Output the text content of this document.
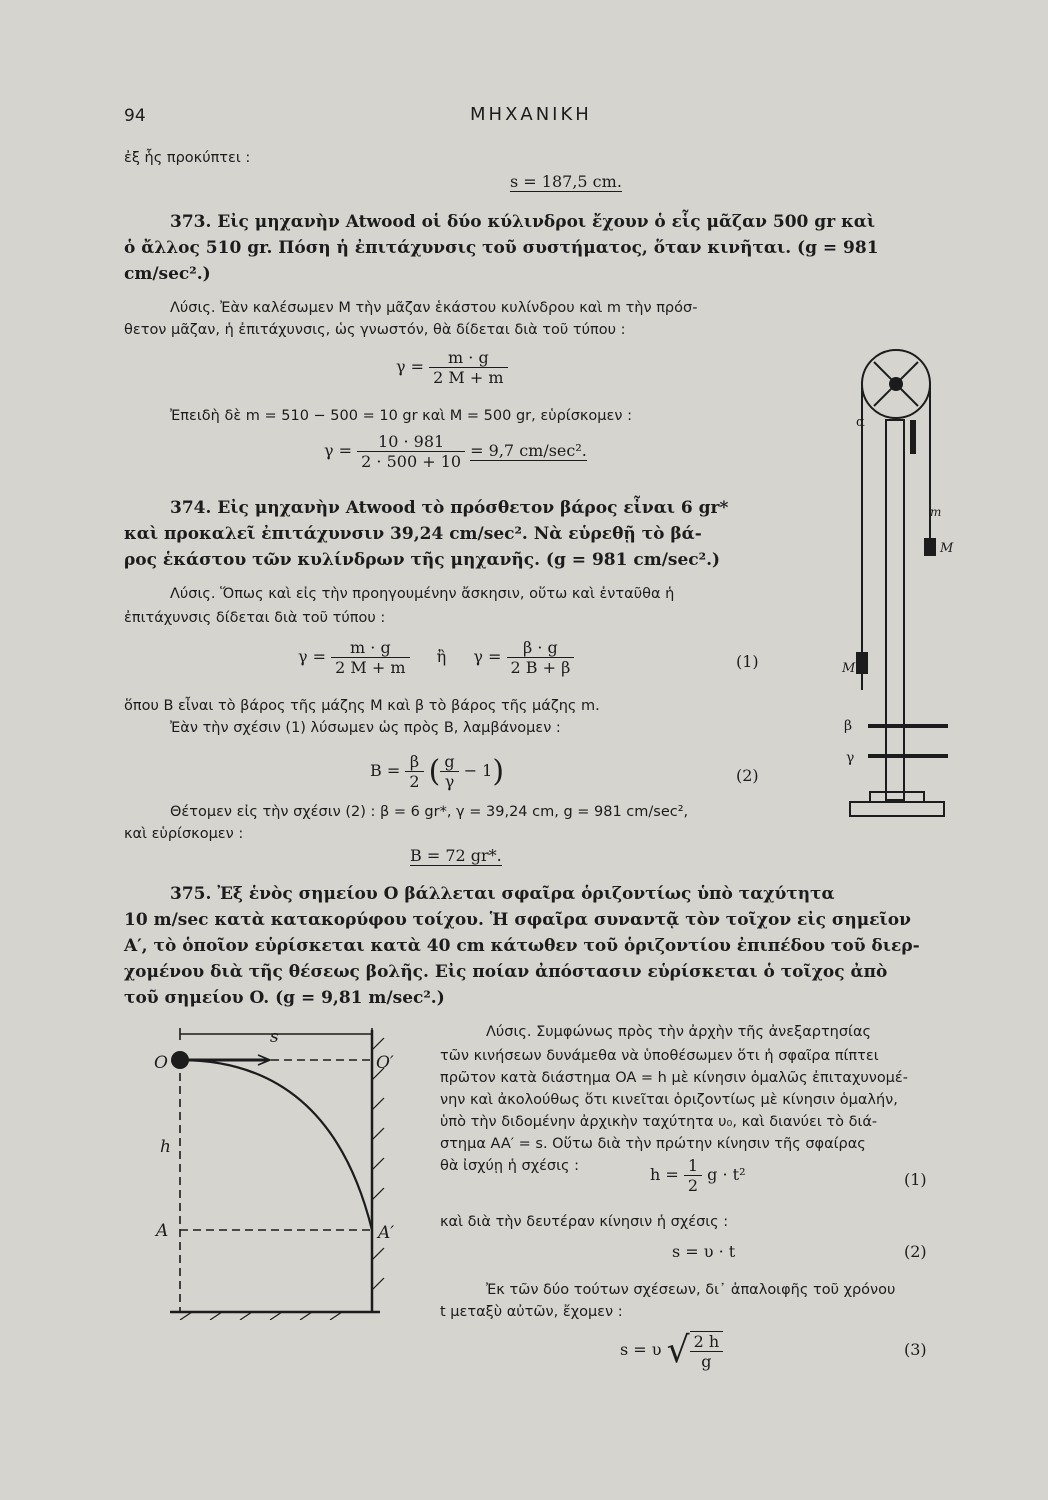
94	ΜΗΧΑΝΙΚΗ
ἐξ ἧς προκύπτει :
s = 187,5 cm.
373. Εἰς μηχανὴν Atwood οἱ δύο κύλινδροι ἔχουν ὁ εἷς μᾶζαν 500 gr καὶ
ὁ ἄλλος 510 gr. Πόση ἡ ἐπιτάχυνσις τοῦ συστήματος, ὅταν κινῆται. (g = 981
cm/sec².)
Λύσις. Ἐὰν καλέσωμεν M τὴν μᾶζαν ἑκάστου κυλίνδρου καὶ m τὴν πρόσ-
θετον μᾶζαν, ἡ ἐπιτάχυνσις, ὡς γνωστόν, θὰ δίδεται διὰ τοῦ τύπου :
$\gamma = \frac{m \cdot g}{2 M + m}$
Ἐπειδὴ δὲ m = 510 − 500 = 10 gr καὶ M = 500 gr, εὑρίσκομεν :
$\gamma = \frac{10 \cdot 981}{2 \cdot 500 + 10} = 9,7$ cm/sec².
374. Εἰς μηχανὴν Atwood τὸ πρόσθετον βάρος εἶναι 6 gr*
καὶ προκαλεῖ ἐπιτάχυνσιν 39,24 cm/sec². Νὰ εὑρεθῇ τὸ βά-
ρος ἑκάστου τῶν κυλίνδρων τῆς μηχανῆς. (g = 981 cm/sec².)
Λύσις. Ὅπως καὶ εἰς τὴν προηγουμένην ἄσκησιν, οὕτω καὶ ἐνταῦθα ἡ
ἐπιτάχυνσις δίδεται διὰ τοῦ τύπου :
$\gamma = \frac{m \cdot g}{2 M + m}$ ἢ $\gamma = \frac{\beta \cdot g}{2 B + \beta}$	(1)
ὅπου B εἶναι τὸ βάρος τῆς μάζης M καὶ β τὸ βάρος τῆς μάζης m.
Ἐὰν τὴν σχέσιν (1) λύσωμεν ὡς πρὸς B, λαμβάνομεν :
$B = \frac{\beta}{2}$ ( $\frac{g}{\gamma} - 1$)	(2)
Θέτομεν εἰς τὴν σχέσιν (2) : β = 6 gr*, γ = 39,24 cm, g = 981 cm/sec²,
καὶ εὑρίσκομεν :
B = 72 gr*.
375. Ἐξ ἑνὸς σημείου O βάλλεται σφαῖρα ὁριζοντίως ὑπὸ ταχύτητα
10 m/sec κατὰ κατακορύφου τοίχου. Ἡ σφαῖρα συναντᾷ τὸν τοῖχον εἰς σημεῖον
A′, τὸ ὁποῖον εὑρίσκεται κατὰ 40 cm κάτωθεν τοῦ ὁριζοντίου ἐπιπέδου τοῦ διερ-
χομένου διὰ τῆς θέσεως βολῆς. Εἰς ποίαν ἀπόστασιν εὑρίσκεται ὁ τοῖχος ἀπὸ
τοῦ σημείου O. (g = 9,81 m/sec².)
Λύσις. Συμφώνως πρὸς τὴν ἀρχὴν τῆς ἀνεξαρτησίας
τῶν κινήσεων δυνάμεθα νὰ ὑποθέσωμεν ὅτι ἡ σφαῖρα πίπτει
πρῶτον κατὰ διάστημα OA = h μὲ κίνησιν ὁμαλῶς ἐπιταχυνομέ-
νην καὶ ἀκολούθως ὅτι κινεῖται ὁριζοντίως μὲ κίνησιν ὁμαλήν,
ὑπὸ τὴν διδομένην ἀρχικὴν ταχύτητα υ₀, καὶ διανύει τὸ διά-
στημα AA′ = s. Οὕτω διὰ τὴν πρώτην κίνησιν τῆς σφαίρας
θὰ ἰσχύῃ ἡ σχέσις :	$h = \frac{1}{2}$ g · t²	(1)
καὶ διὰ τὴν δευτέραν κίνησιν ἡ σχέσις :
s = υ · t	(2)
Ἐκ τῶν δύο τούτων σχέσεων, δι᾽ ἀπαλοιφῆς τοῦ χρόνου
t μεταξὺ αὐτῶν, ἔχομεν :
s = υ √ $\frac{2 h}{g}$	(3)
α
m
M
M
β
γ
O	O′
s
h
A	A′
